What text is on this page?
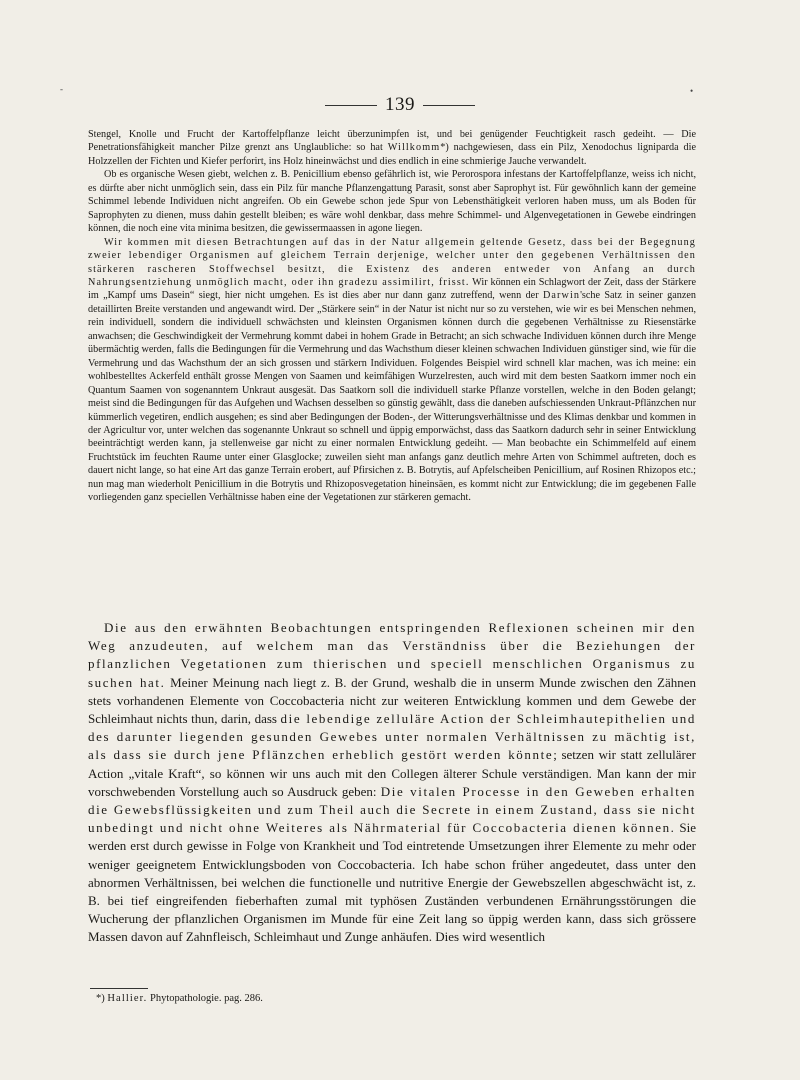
-	•
139

Stengel, Knolle und Frucht der Kartoffelpflanze leicht überzunimpfen ist, und bei genügender Feuchtigkeit rasch gedeiht. — Die Penetrationsfähigkeit mancher Pilze grenzt ans Unglaubliche: so hat Willkomm*) nachgewiesen, dass ein Pilz, Xenodochus ligniparda die Holzzellen der Fichten und Kiefer perforirt, ins Holz hineinwächst und dies endlich in eine schmierige Jauche verwandelt.

Ob es organische Wesen giebt, welchen z. B. Penicillium ebenso gefährlich ist, wie Perorospora infestans der Kartoffelpflanze, weiss ich nicht, es dürfte aber nicht unmöglich sein, dass ein Pilz für manche Pflanzengattung Parasit, sonst aber Saprophyt ist. Für gewöhnlich kann der gemeine Schimmel lebende Individuen nicht angreifen. Ob ein Gewebe schon jede Spur von Lebensthätigkeit verloren haben muss, um als Boden für Saprophyten zu dienen, muss dahin gestellt bleiben; es wäre wohl denkbar, dass mehre Schimmel- und Algenvegetationen in Gewebe eindringen können, die noch eine vita minima besitzen, die gewissermaassen in agone liegen.

Wir kommen mit diesen Betrachtungen auf das in der Natur allgemein geltende Gesetz, dass bei der Begegnung zweier lebendiger Organismen auf gleichem Terrain derjenige, welcher unter den gegebenen Verhältnissen den stärkeren rascheren Stoffwechsel besitzt, die Existenz des anderen entweder von Anfang an durch Nahrungsentziehung unmöglich macht, oder ihn gradezu assimilirt, frisst. Wir können ein Schlagwort der Zeit, dass der Stärkere im „Kampf ums Dasein“ siegt, hier nicht umgehen. Es ist dies aber nur dann ganz zutreffend, wenn der Darwin'sche Satz in seiner ganzen detaillirten Breite verstanden und angewandt wird. Der „Stärkere sein“ in der Natur ist nicht nur so zu verstehen, wie wir es bei Menschen nehmen, rein individuell, sondern die individuell schwächsten und kleinsten Organismen können durch die gegebenen Verhältnisse zu Riesenstärke anwachsen; die Geschwindigkeit der Vermehrung kommt dabei in hohem Grade in Betracht; an sich schwache Individuen können durch ihre Menge übermächtig werden, falls die Bedingungen für die Vermehrung und das Wachsthum dieser kleinen schwachen Individuen günstiger sind, wie für die Vermehrung und das Wachsthum der an sich grossen und stärkern Individuen. Folgendes Beispiel wird schnell klar machen, was ich meine: ein wohlbestelltes Ackerfeld enthält grosse Mengen von Saamen und keimfähigen Wurzelresten, auch wird mit dem besten Saatkorn immer noch ein Quantum Saamen von sogenanntem Unkraut ausgesät. Das Saatkorn soll die individuell starke Pflanze vorstellen, welche in den Boden gelangt; meist sind die Bedingungen für das Aufgehen und Wachsen desselben so günstig gewählt, dass die daneben aufschiessenden Unkraut-Pflänzchen nur kümmerlich vegetiren, endlich ausgehen; es sind aber Bedingungen der Boden-, der Witterungsverhältnisse und des Klimas denkbar und kommen in der Agricultur vor, unter welchen das sogenannte Unkraut so schnell und üppig emporwächst, dass das Saatkorn dadurch sehr in seiner Entwicklung beeinträchtigt werden kann, ja stellenweise gar nicht zu einer normalen Entwicklung gedeiht. — Man beobachte ein Schimmelfeld auf einem Fruchtstück im feuchten Raume unter einer Glasglocke; zuweilen sieht man anfangs ganz deutlich mehre Arten von Schimmel auftreten, doch es dauert nicht lange, so hat eine Art das ganze Terrain erobert, auf Pfirsichen z. B. Botrytis, auf Apfelscheiben Penicillium, auf Rosinen Rhizopos etc.; nun mag man wiederholt Penicillium in die Botrytis und Rhizoposvegetation hineinsäen, es kommt nicht zur Entwicklung; die im gegebenen Falle vorliegenden ganz speciellen Verhältnisse haben eine der Vegetationen zur stärkeren gemacht.

Die aus den erwähnten Beobachtungen entspringenden Reflexionen scheinen mir den Weg anzudeuten, auf welchem man das Verständniss über die Beziehungen der pflanzlichen Vegetationen zum thierischen und speciell menschlichen Organismus zu suchen hat. Meiner Meinung nach liegt z. B. der Grund, weshalb die in unserm Munde zwischen den Zähnen stets vorhandenen Elemente von Coccobacteria nicht zur weiteren Entwicklung kommen und dem Gewebe der Schleimhaut nichts thun, darin, dass die lebendige zelluläre Action der Schleimhautepithelien und des darunter liegenden gesunden Gewebes unter normalen Verhältnissen zu mächtig ist, als dass sie durch jene Pflänzchen erheblich gestört werden könnte; setzen wir statt zellulärer Action „vitale Kraft“, so können wir uns auch mit den Collegen älterer Schule verständigen. Man kann der mir vorschwebenden Vorstellung auch so Ausdruck geben: Die vitalen Processe in den Geweben erhalten die Gewebsflüssigkeiten und zum Theil auch die Secrete in einem Zustand, dass sie nicht unbedingt und nicht ohne Weiteres als Nährmaterial für Coccobacteria dienen können. Sie werden erst durch gewisse in Folge von Krankheit und Tod eintretende Umsetzungen ihrer Elemente zu mehr oder weniger geeignetem Entwicklungsboden von Coccobacteria. Ich habe schon früher angedeutet, dass unter den abnormen Verhältnissen, bei welchen die functionelle und nutritive Energie der Gewebszellen abgeschwächt ist, z. B. bei tief eingreifenden fieberhaften zumal mit typhösen Zuständen verbundenen Ernährungsstörungen die Wucherung der pflanzlichen Organismen im Munde für eine Zeit lang so üppig werden kann, dass sich grössere Massen davon auf Zahnfleisch, Schleimhaut und Zunge anhäufen. Dies wird wesentlich

*) Hallier. Phytopathologie. pag. 286.
